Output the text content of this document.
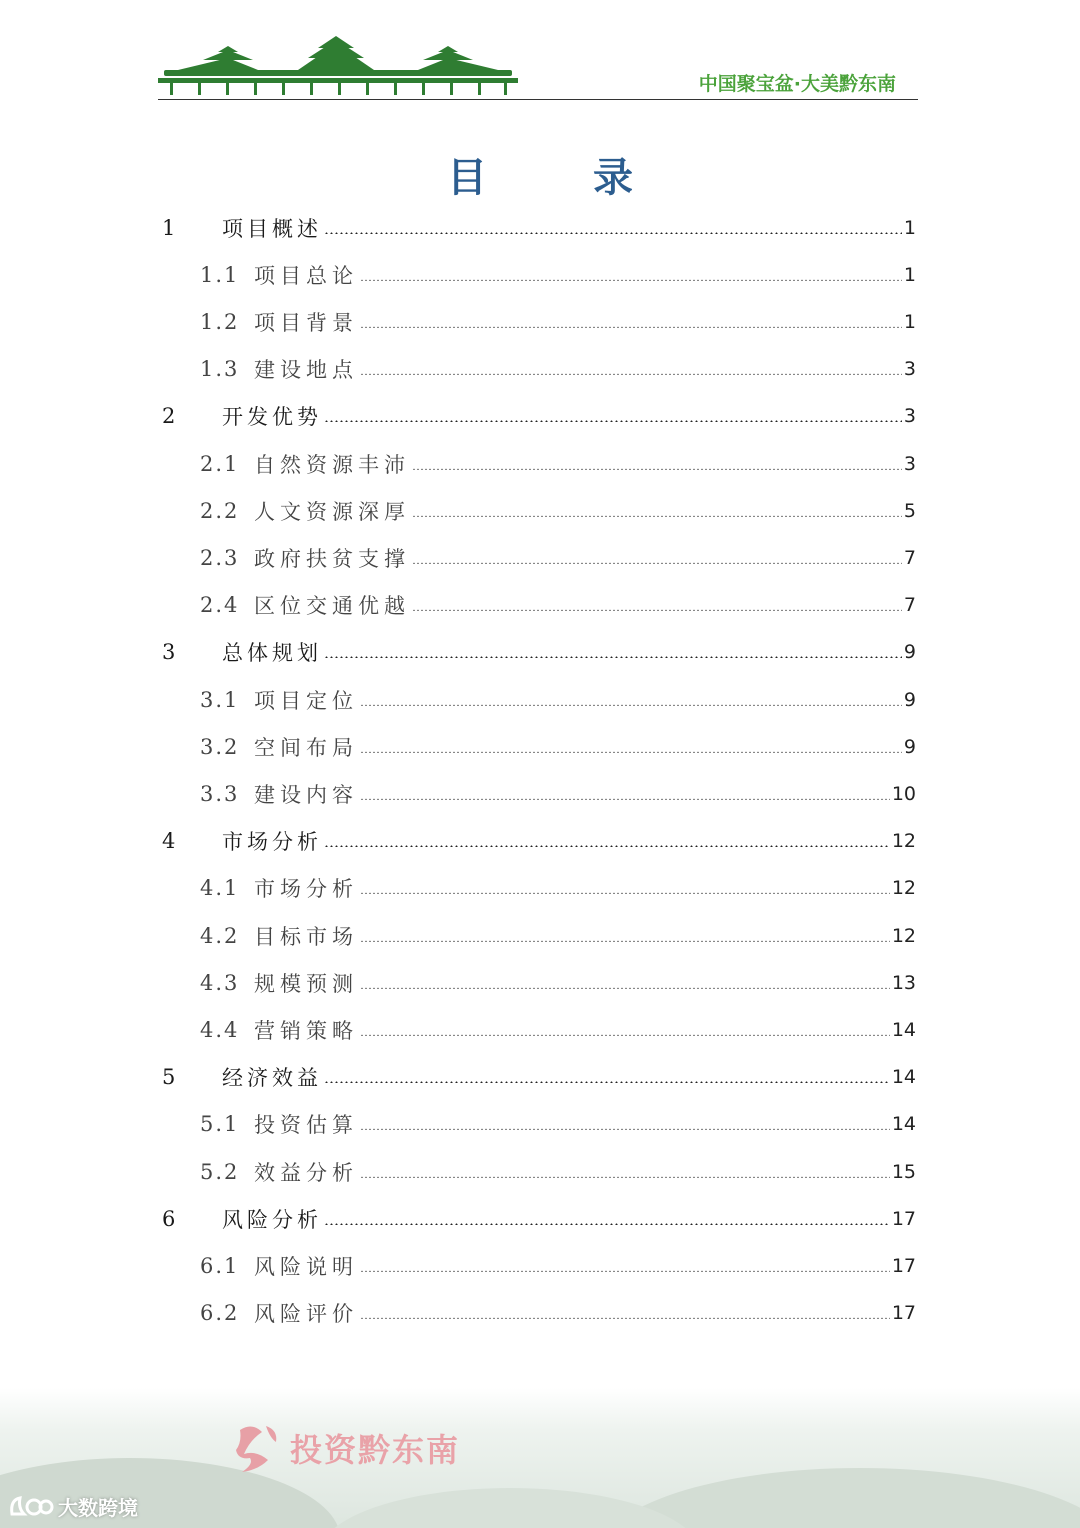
中国聚宝盆·大美黔东南
目 录
1	项目概述	1
1.1 项目总论	1
1.2 项目背景	1
1.3 建设地点	3
2	开发优势	3
2.1 自然资源丰沛	3
2.2 人文资源深厚	5
2.3 政府扶贫支撑	7
2.4 区位交通优越	7
3	总体规划	9
3.1 项目定位	9
3.2 空间布局	9
3.3 建设内容	10
4	市场分析	12
4.1 市场分析	12
4.2 目标市场	12
4.3 规模预测	13
4.4 营销策略	14
5	经济效益	14
5.1 投资估算	14
5.2 效益分析	15
6	风险分析	17
6.1 风险说明	17
6.2 风险评价	17
投资黔东南
大数跨境
